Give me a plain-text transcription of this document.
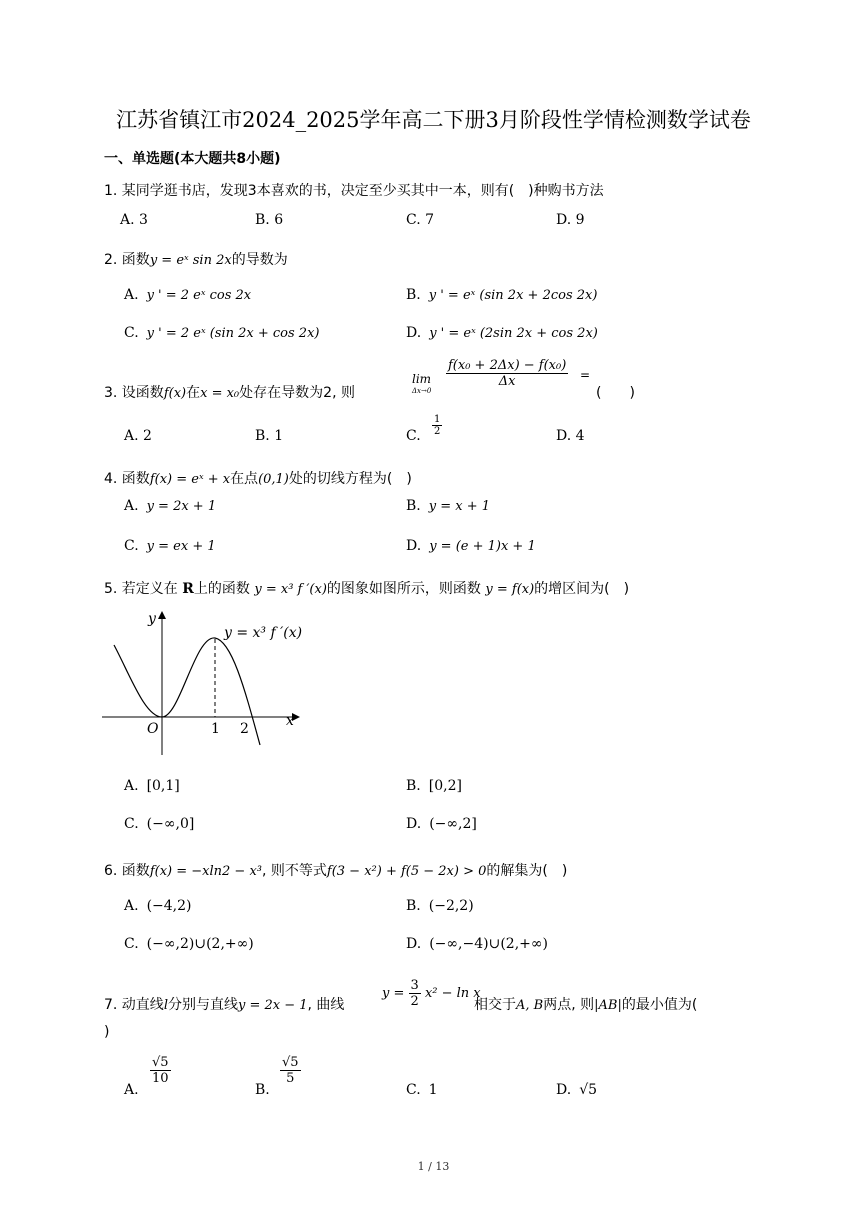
江苏省镇江市2024_2025学年高二下册3月阶段性学情检测数学试卷
一、单选题(本大题共8小题)
1. 某同学逛书店，发现3本喜欢的书，决定至少买其中一本，则有(　)种购书方法
A. 3	B. 6	C. 7	D. 9
2. 函数y = eˣ sin 2x的导数为
A. y ' = 2 eˣ cos 2x	B. y ' = eˣ (sin 2x + 2cos 2x)
C. y ' = 2 eˣ (sin 2x + cos 2x)	D. y ' = eˣ (2sin 2x + cos 2x)
3. 设函数f(x)在x = x₀处存在导数为2, 则
lim
Δx→0
$\frac{\text{f(x₀ + 2Δx) − f(x₀)}}{\Delta x}$ =
(　　)
A. 2	B. 1	C. $\frac{1}{2}$	D. 4
4. 函数f(x) = eˣ + x在点(0,1)处的切线方程为(　)
A. y = 2x + 1	B. y = x + 1
C. y = ex + 1	D. y = (e + 1)x + 1
5. 若定义在 R上的函数 y = x³ f ′(x)的图象如图所示，则函数 y = f(x)的增区间为(　)
y = x³ f ′(x)
y
x
O	1 2
A. [0,1]	B. [0,2]
C. (−∞,0]	D. (−∞,2]
6. 函数f(x) = −xln2 − x³, 则不等式f(3 − x²) + f(5 − 2x) > 0的解集为(　)
A. (−4,2)	B. (−2,2)
C. (−∞,2)∪(2,+∞)	D. (−∞,−4)∪(2,+∞)
7. 动直线l分别与直线y = 2x − 1, 曲线
$y = \frac{3}{2} x^2 - \ln x$
相交于A, B两点, 则|AB|的最小值为(
)
A.
$\frac{√5}{10}$
B.
$\frac{√5}{5}$
C. 1	D. √5
1 / 13
